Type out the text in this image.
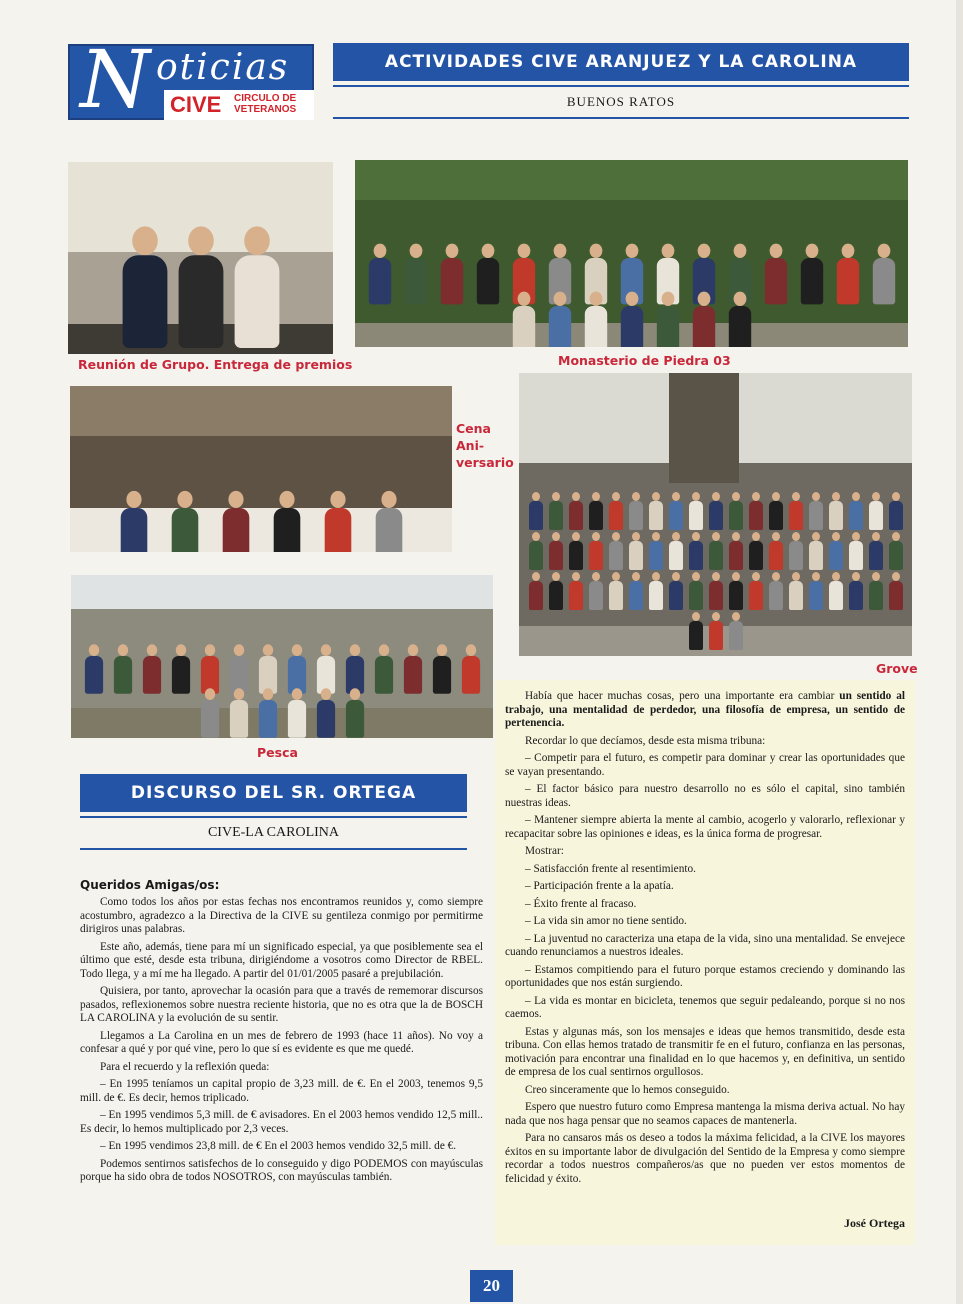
N oticias
CIVE CIRCULO DE
VETERANOS
ACTIVIDADES CIVE ARANJUEZ Y LA CAROLINA
BUENOS RATOS
Reunión de Grupo. Entrega de premios	Monasterio de Piedra 03
Cena
Ani-
versario
Grove
Pesca
DISCURSO DEL SR. ORTEGA
CIVE-LA CAROLINA
Queridos Amigas/os:

Como todos los años por estas fechas nos encontramos reunidos y, como siempre acostumbro, agradezco a la Directiva de la CIVE su gentileza conmigo por permitirme dirigiros unas palabras.

Este año, además, tiene para mí un significado especial, ya que posiblemente sea el último que esté, desde esta tribuna, dirigiéndome a vosotros como Director de RBEL. Todo llega, y a mí me ha llegado. A partir del 01/01/2005 pasaré a prejubilación.

Quisiera, por tanto, aprovechar la ocasión para que a través de rememorar discursos pasados, reflexionemos sobre nuestra reciente historia, que no es otra que la de BOSCH LA CAROLINA y la evolución de su sentir.

Llegamos a La Carolina en un mes de febrero de 1993 (hace 11 años). No voy a confesar a qué y por qué vine, pero lo que sí es evidente es que me quedé.

Para el recuerdo y la reflexión queda:

– En 1995 teníamos un capital propio de 3,23 mill. de €. En el 2003, tenemos 9,5 mill. de €. Es decir, hemos triplicado.

– En 1995 vendimos 5,3 mill. de € avisadores. En el 2003 hemos vendido 12,5 mill.. Es decir, lo hemos multiplicado por 2,3 veces.

– En 1995 vendimos 23,8 mill. de € En el 2003 hemos vendido 32,5 mill. de €.

Podemos sentirnos satisfechos de lo conseguido y digo PODEMOS con mayúsculas porque ha sido obra de todos NOSOTROS, con mayúsculas también.

Había que hacer muchas cosas, pero una importante era cambiar un sentido al trabajo, una mentalidad de perdedor, una filosofía de empresa, un sentido de pertenencia.

Recordar lo que decíamos, desde esta misma tribuna:

– Competir para el futuro, es competir para dominar y crear las oportunidades que se vayan presentando.

– El factor básico para nuestro desarrollo no es sólo el capital, sino también nuestras ideas.

– Mantener siempre abierta la mente al cambio, acogerlo y valorarlo, reflexionar y recapacitar sobre las opiniones e ideas, es la única forma de progresar.

Mostrar:

– Satisfacción frente al resentimiento.

– Participación frente a la apatía.

– Éxito frente al fracaso.

– La vida sin amor no tiene sentido.

– La juventud no caracteriza una etapa de la vida, sino una mentalidad. Se envejece cuando renunciamos a nuestros ideales.

– Estamos compitiendo para el futuro porque estamos creciendo y dominando las oportunidades que nos están surgiendo.

– La vida es montar en bicicleta, tenemos que seguir pedaleando, porque si no nos caemos.

Estas y algunas más, son los mensajes e ideas que hemos transmitido, desde esta tribuna. Con ellas hemos tratado de transmitir fe en el futuro, confianza en las personas, motivación para encontrar una finalidad en lo que hacemos y, en definitiva, un sentido de empresa de los cual sentirnos orgullosos.

Creo sinceramente que lo hemos conseguido.

Espero que nuestro futuro como Empresa mantenga la misma deriva actual. No hay nada que nos haga pensar que no seamos capaces de mantenerla.

Para no cansaros más os deseo a todos la máxima felicidad, a la CIVE los mayores éxitos en su importante labor de divulgación del Sentido de la Empresa y como siempre recordar a todos nuestros compañeros/as que no pueden ver estos momentos de felicidad y éxito.

José Ortega
20
